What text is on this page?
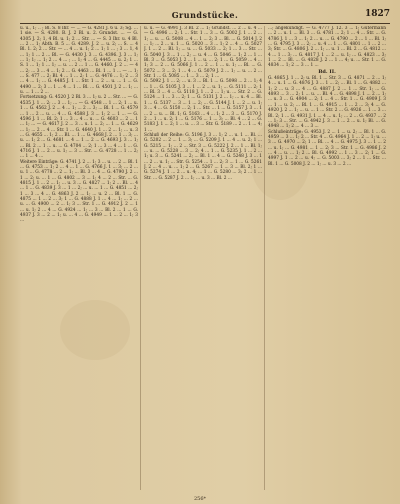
Grundstücke.	1827

u. u., 1; .. ; Bl. S. 8 Ihr. — ... — G. 4281 J. 6 u. 3; Sg. ... 1 sie. — S. 4280. B. J. 2 Bl. u. 2. Grundst. ... — G. 4305 J. 2; 1, 4 Bl. u. 1; 2 ... Str. ... — S. 3 Ihr. u. 4 Bl. ... 2 ... 1; Abth. B. 5 ... G. 4289. J. 2 ... u. 2; ... S. ... 4 Bl. 1. 2; 2 ... Str. — ... 4 ... u. 1; 2 ... 1; 1 ... ; 3 ... 1, 4 ... 1; 1 ... 2 ... Bl. — G. 4430 J. 3 ... G. 4396. J. 3 ... 1; ... 1; 1; ... 1; 2 ... 4 ... ; ... 1; 4 ... G. 4445 ... u. 2; 1 ... S. 1 ... 1; 1 ... 1; ... u. ... 2 ... 1 ... G. 4460. J. 2 ... — 4 ... 2; ... 3 ... 4 ... 1; 2 ... G. 4463 ... Bl. 1 ... 1 ... — ... 1; ... S. 477 ... 2; Bl. 4 ... 1 ... 2; 1 ... G. 4476 ... 1; 2 ... 3 ... 4 ... 1; ... G. 4485 J. 1 ... Str. 1 ... 2 ... u. ... 1 ... G. 4490 ... 2; 3 ... 1 ... 4 ... 1 ... Bl. ... G. 4501 J. 2 ... 1; ... u. ... 1 ... 2 ...

Fortsetzung: G. 4520 J. 2 Bl. 3 ... 1; u. 2 ... Str. ... — G. 4535 J. 1 ... 2; ... 3 ... 1; ... — G. 4548 ... 1 ... 2; 1 ... u. 1 ... G. 4562 J. 2 ... 4 ... 1; ... 2 ... 3; ... Bl. 1 ... G. 4579 ... 1 ... 2 ... u. ... 4 ... G. 4588 J. 3 ... 1; 2 ... 1 ... — G. 4596 J. 1 ... Bl. 2; 1 ... 3 ... 4 ... u. ... G. 4603 ... 2 ... 1 ... 1; ... — G. 4617 J. 2 ... 3 ... u. 1 ... 2; ... 1 ... G. 4629 ... 1; ... 2 ... 4 ... Str. 1 ... G. 4640 J. 1 ... 2 ... 1; ... u. 3 ... G. 4655 ... 1; 2 ... Bl. ... 1 ... G. 4668 J. 2 ... 1 ... 3; ... u. ... 1; 2 ... G. 4681 ... 4 ... 1 ... 2 ... G. 4693 J. 3 ... 1; ... Bl. 2 ... 1 ... u. ... G. 4704 ... 2; 1 ... 3 ... 4 ... 1 ... G. 4716 J. 1 ... 2 ... u. 1; ... 3 ... Str. ... G. 4728 ... 1 ... 2; ... 1 ... 4 ...

Weitere Einträge: G. 4741 J. 2 ... 1; 3 ... u. ... 2 ... Bl. 1 ... G. 4753 ... 1; 2 ... 4 ... 1 ... G. 4766 J. 1 ... 3; ... 2 ... u. 1 ... G. 4778 ... 2 ... 1; ... Bl. 3 ... 4 ... G. 4790 J. 2 ... 1 ... 2; u. ... 1 ... G. 4802 ... 3 ... 1; 4 ... 2 ... Str. ... G. 4815 J. 1 ... 2 ... 1; ... u. 3 ... G. 4827 ... 1; 2 ... Bl. ... 4 ... 1 ... G. 4839 J. 3 ... 1 ... 2; ... u. ... 1 ... G. 4851 ... 2; 1 ... 3 ... 4 ... G. 4863 J. 2 ... 1; ... u. 2 ... Bl. 1 ... G. 4875 ... 1 ... 2 ... 3; 1 ... G. 4888 J. 1 ... 4 ... 1; ... 2 ... u. ... G. 4900 ... 2 ... 1; 3 ... Str. 1 ... G. 4912 J. 2 ... 1 ... u. 1; 2 ... 4 ... G. 4924 ... 1; ... 3 ... Bl. 2 ... 1 ... G. 4937 J. 3 ... 2 ... 1; u. ... 4 ... G. 4949 ... 1 ... 2 ... 1; 3 ...

u. u. — G. 4991 J. 3 Bl. 2 ... 1; Grundst. ... 2 ... u. 4 ... — G. 4996 ... 2; 1 ... Str. 1 ... 3 ... G. 5002 J. 1 ... 2 ... 1; ... u. ... G. 5008 ... 4 ... 1 ... 2; 3 ... Bl. ... G. 5014 J. 2 ... 1; ... 2 ... u. 1 ... G. 5020 ... 3 ... 1; 2 ... 4 ... G. 5027 J. 1 ... 2 ... Bl. 1; ... u. ... G. 5033 ... 2; 1 ... 3 ... Str. ... G. 5040 J. 3 ... 1 ... 2; ... u. 4 ... G. 5046 ... 1; 2 ... 1 ... Bl. 3 ... G. 5053 J. 2 ... 1 ... u. ... 2; 1 ... G. 5059 ... 4 ... 1; 3 ... 2 ... G. 5066 J. 1 ... 2 ... 1 ... u. 1; ... Bl. ... G. 5072 ... 3 ... 2; 1 ... 4 ... G. 5079 J. 2 ... 1; ... u. ... 2 ... Str. 1 ... G. 5085 ... 1 ... 3 ... 2; 1 ...

G. 5092 J. 1 ... 2; ... u. 3 ... Bl. 1 ... G. 5098 ... 2 ... 1; 4 ... 1 ... G. 5105 J. 3 ... 1 ... 2 ... u. 1; ... G. 5111 ... 2; 1 ... Bl. 3 ... 4 ... G. 5118 J. 1 ... 2 ... 1; u. ... Str. 2 ... G. 5124 ... 1 ... 3 ... 2; 1 ... G. 5131 J. 2 ... 1; ... u. 4 ... Bl. 1 ... G. 5137 ... 3 ... 1 ... 2; ... G. 5144 J. 1 ... 2 ... u. 1; 3 ... 4 ... G. 5150 ... 2; 1 ... Str. ... 1 ... G. 5157 J. 3 ... 1 ... 2 ... u. ... Bl. 1; G. 5163 ... 4 ... 1; 2 ... 3 ... G. 5170 J. 2 ... 1 ... u. 2; 1 ... G. 5176 ... 1 ... 3; ... Bl. 4 ... 2 ... G. 5183 J. 1 ... 2; 1 ... u. ... 3 ... Str. G. 5189 ... 2 ... 1 ... 4; 1 ...

Schluß der Reihe: G. 5196 J. 3 ... 1; 2 ... u. 1 ... Bl. ... G. 5202 ... 2 ... 1 ... 3; ... G. 5209 J. 1 ... 4 ... u. 2; 1 ... G. 5215 ... 1; ... 2 ... Str. 3 ... G. 5222 J. 2 ... 1 ... Bl. 1; ... u. ... G. 5228 ... 3 ... 2; 4 ... 1 ... G. 5235 J. 1 ... 2 ... 1; u. 3 ... G. 5241 ... 2; ... Bl. 1 ... 4 ... G. 5248 J. 3 ... 1 ... 2 ... u. 1; ... Str. G. 5254 ... 1 ... 2; 3 ... 1 ... G. 5261 J. 2 ... 4 ... u. ... 1; 2 ... G. 5267 ... 1 ... 3 ... Bl. 2; 1 ... G. 5274 J. 1 ... 2 ... u. 4; ... 1 ... G. 5280 ... 3; 2 ... 1 ... Str. ... G. 5287 J. 2 ... 1; ... u. 3 ... Bl. 2 ...

...; angekündigt. — G. 4777 J. 12. 3 ... 1; Gütermann ... 2 ... u. 1 ... Bl. 3 ... G. 4781 ... 2; 1 ... 4 ... Str. ... G. 4786 J. 1 ... 3 ... 1; 2 ... u. ... G. 4790 ... 2 ... 1 ... Bl. 1; ... G. 4795 J. 3 ... 2; ... u. 4 ... 1 ... G. 4801 ... 1 ... 2 ... 3; Str. ... G. 4806 J. 2 ... 1; ... u. 1 ... Bl. 2 ... G. 4812 ... 4 ... 1 ... 3; ... G. 4817 J. 1 ... 2 ... u. 1; ... G. 4823 ... 3; 1 ... 2 ... Bl. ... G. 4828 J. 2 ... 1 ... 4; u. ... Str. 1 ... G. 4834 ... 1; 2 ... 3 ... 1 ...

Bd. II.

G. 4865 J. 1 ... 2; u. Bl. 1 ... Str. 3 ... G. 4871 ... 2 ... 1; 4 ... u. 1 ... G. 4876 J. 3 ... 1 ... 2; ... Bl. 1 ... G. 4882 ... 1; 2 ... u. 3 ... 4 ... G. 4887 J. 2 ... 1 ... Str. 1; ... G. 4893 ... 3 ... 2; 1 ... u. ... Bl. 4 ... G. 4898 J. 1 ... 2 ... 1; ... u. 3 ... G. 4904 ... 2; 1 ... 4 ... Str. 1 ... G. 4909 J. 3 ... 1 ... u. 2; ... Bl. 1 ... G. 4915 ... 1 ... 2 ... 3; 4 ... G. 4920 J. 2 ... 1; ... u. ... 1 ... Str. 2 ... G. 4926 ... 1 ... 3 ... Bl. 2; 1 ... G. 4931 J. 1 ... 4 ... u. 1; ... 2 ... G. 4937 ... 2 ... 1; 3 ... Str. ... G. 4942 J. 3 ... 1 ... 2 ... u. 1; Bl. ... G. 4948 ... 1; 2 ... 4 ... 3 ...

Schlußeinträge: G. 4953 J. 2 ... 1 ... u. 2; ... Bl. 1 ... G. 4959 ... 3 ... 1; 2 ... Str. 4 ... G. 4964 J. 1 ... 2 ... 1; u. ... 3 ... G. 4970 ... 2; 1 ... Bl. ... 4 ... G. 4975 J. 3 ... 1 ... 2 ... u. 1; ... G. 4981 ... 1 ... 2; 3 ... Str. 1 ... G. 4986 J. 2 ... 4 ... u. ... 1; 2 ... Bl. G. 4992 ... 1 ... 3 ... 2; 1 ... G. 4997 J. 1 ... 2 ... u. 4; ... G. 5003 ... 3; 2 ... 1 ... Str. ... Bl. 1 ... G. 5008 J. 2 ... 1; ... u. 3 ... 2 ...

256*
